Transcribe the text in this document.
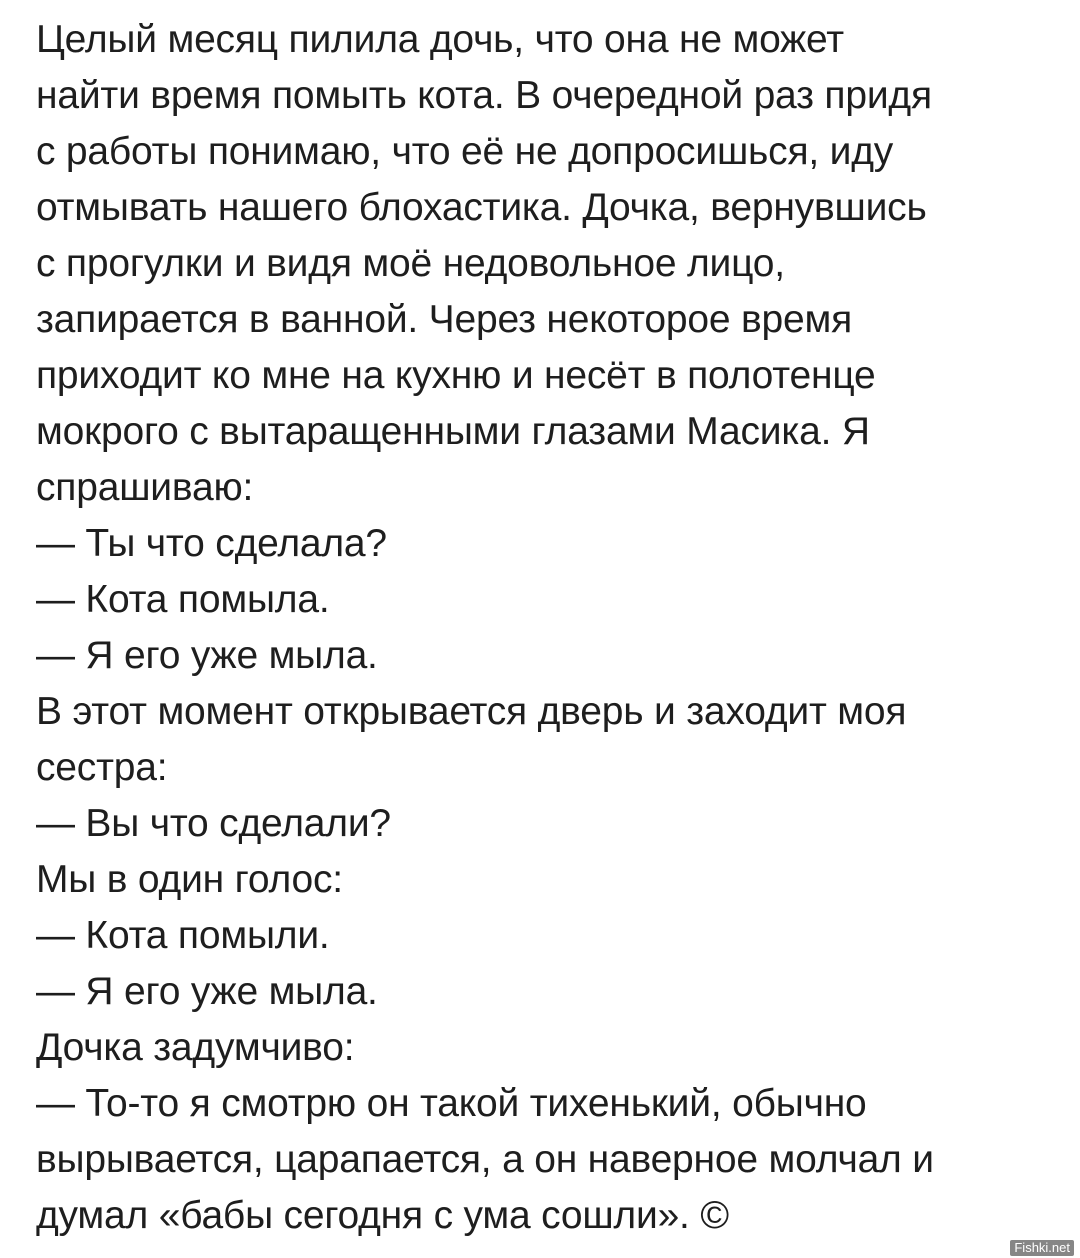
Целый месяц пилила дочь, что она не может
найти время помыть кота. В очередной раз придя
с работы понимаю, что её не допросишься, иду
отмывать нашего блохастика. Дочка, вернувшись
с прогулки и видя моё недовольное лицо,
запирается в ванной. Через некоторое время
приходит ко мне на кухню и несёт в полотенце
мокрого с вытаращенными глазами Масика. Я
спрашиваю:
— Ты что сделала?
— Кота помыла.
— Я его уже мыла.
В этот момент открывается дверь и заходит моя
сестра:
— Вы что сделали?
Мы в один голос:
— Кота помыли.
— Я его уже мыла.
Дочка задумчиво:
— То-то я смотрю он такой тихенький, обычно
вырывается, царапается, а он наверное молчал и
думал «бабы сегодня с ума сошли». ©
Fishki.net
